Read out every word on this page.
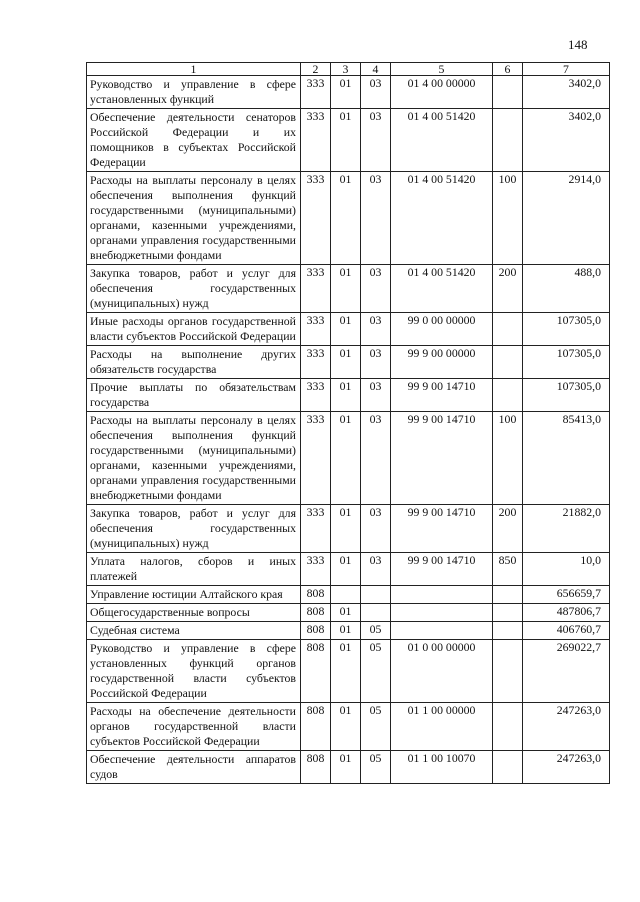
148
1	2	3	4	5	6	7
Руководство и управление в сфере установленных функций	333	01	03	01 4 00 00000		3402,0
Обеспечение деятельности сенаторов Российской Федерации и их помощников в субъектах Российской Федерации	333	01	03	01 4 00 51420		3402,0
Расходы на выплаты персоналу в целях обеспечения выполнения функций государственными (муниципальными) органами, казенными учреждениями, органами управления государственными внебюджетными фондами	333	01	03	01 4 00 51420	100	2914,0
Закупка товаров, работ и услуг для обеспечения государственных (муниципальных) нужд	333	01	03	01 4 00 51420	200	488,0
Иные расходы органов государственной власти субъектов Российской Федерации	333	01	03	99 0 00 00000		107305,0
Расходы на выполнение других обязательств государства	333	01	03	99 9 00 00000		107305,0
Прочие выплаты по обязательствам государства	333	01	03	99 9 00 14710		107305,0
Расходы на выплаты персоналу в целях обеспечения выполнения функций государственными (муниципальными) органами, казенными учреждениями, органами управления государственными внебюджетными фондами	333	01	03	99 9 00 14710	100	85413,0
Закупка товаров, работ и услуг для обеспечения государственных (муниципальных) нужд	333	01	03	99 9 00 14710	200	21882,0
Уплата налогов, сборов и иных платежей	333	01	03	99 9 00 14710	850	10,0
Управление юстиции Алтайского края	808					656659,7
Общегосударственные вопросы	808	01				487806,7
Судебная система	808	01	05			406760,7
Руководство и управление в сфере установленных функций органов государственной власти субъектов Российской Федерации	808	01	05	01 0 00 00000		269022,7
Расходы на обеспечение деятельности органов государственной власти субъектов Российской Федерации	808	01	05	01 1 00 00000		247263,0
Обеспечение деятельности аппаратов судов	808	01	05	01 1 00 10070		247263,0
